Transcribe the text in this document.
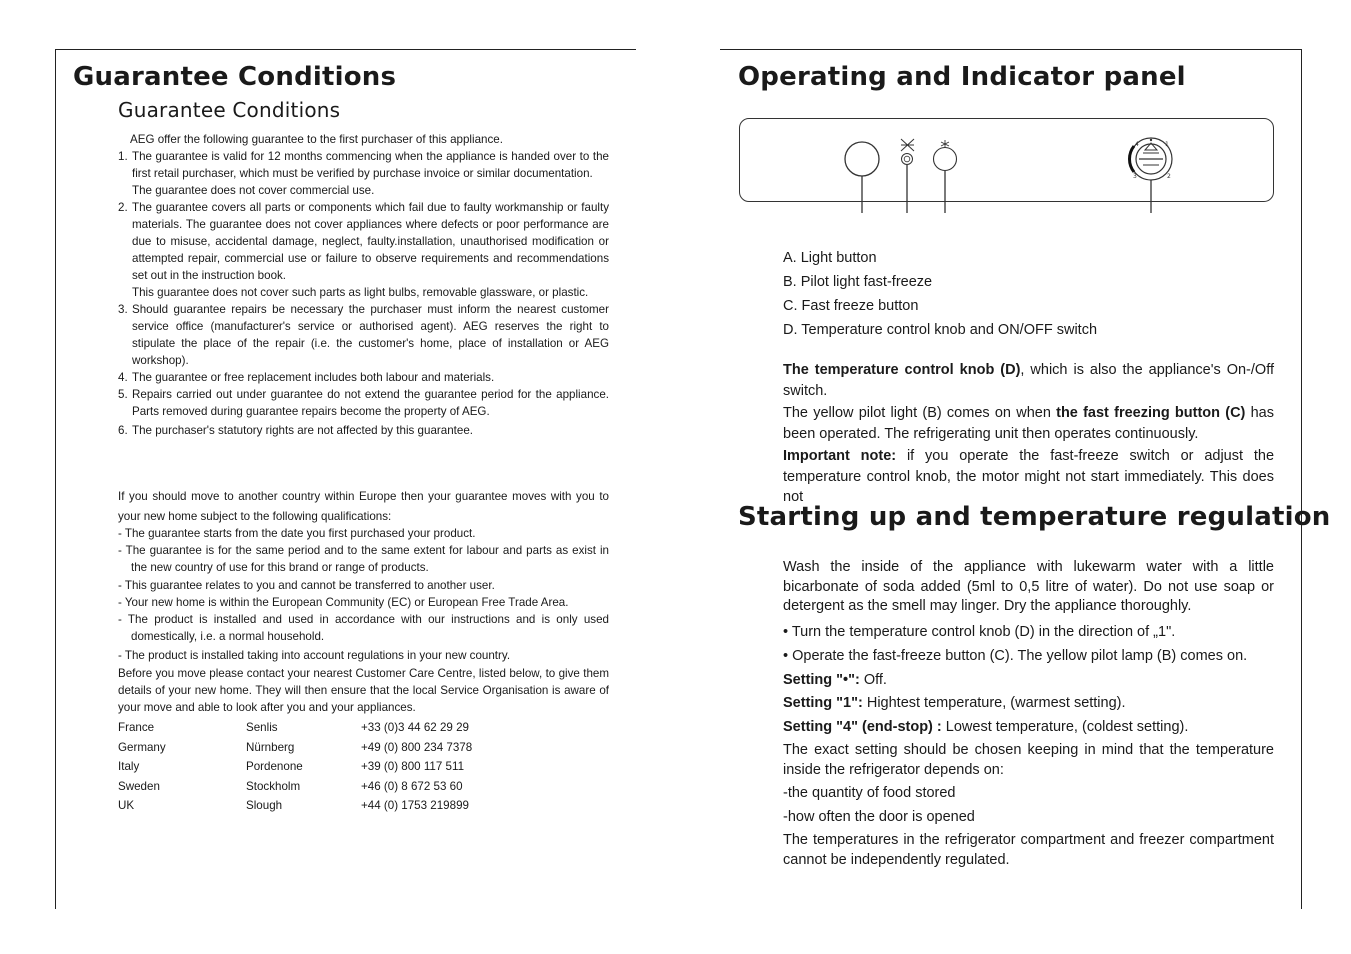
Guarantee Conditions
Guarantee Conditions
AEG offer the following guarantee to the first purchaser of this appliance.
1. The guarantee is valid for 12 months commencing when the appliance is handed over to the first retail purchaser, which must be verified by purchase invoice or similar documentation.
The guarantee does not cover commercial use.
2. The guarantee covers all parts or components which fail due to faulty workmanship or faulty materials. The guarantee does not cover appliances where defects or poor performance are due to misuse, accidental damage, neglect, faulty.installation, unauthorised modification or attempted repair, commercial use or failure to observe requirements and recommendations set out in the instruction book.
This guarantee does not cover such parts as light bulbs, removable glassware, or plastic.
3. Should guarantee repairs be necessary the purchaser must inform the nearest customer service office (manufacturer's service or authorised agent). AEG reserves the right to stipulate the place of the repair (i.e. the customer's home, place of installation or AEG workshop).
4. The guarantee or free replacement includes both labour and materials.
5. Repairs carried out under guarantee do not extend the guarantee period for the appliance. Parts removed during guarantee repairs become the property of AEG.
6. The purchaser's statutory rights are not affected by this guarantee.
If you should move to another country within Europe then your guarantee moves with you to your new home subject to the following qualifications:
- The guarantee starts from the date you first purchased your product.
- The guarantee is for the same period and to the same extent for labour and parts as exist in the new country of use for this brand or range of products.
- This guarantee relates to you and cannot be transferred to another user.
- Your new home is within the European Community (EC) or European Free Trade Area.
- The product is installed and used in accordance with our instructions and is only used domestically, i.e. a normal household.
- The product is installed taking into account regulations in your new country.
Before you move please contact your nearest Customer Care Centre, listed below, to give them details of your new home. They will then ensure that the local Service Organisation is aware of your move and able to look after you and your appliances.
France	Senlis	+33 (0)3 44 62 29 29
Germany	Nürnberg	+49 (0) 800 234 7378
Italy	Pordenone	+39 (0) 800 117 511
Sweden	Stockholm	+46 (0) 8 672 53 60
UK	Slough	+44 (0) 1753 219899
Operating and Indicator panel
4	1
3	2
A. Light button
B. Pilot light fast-freeze
C. Fast freeze button
D. Temperature control knob and ON/OFF switch

The temperature control knob (D), which is also the appliance's On-/Off switch.

The yellow pilot light (B) comes on when the fast freezing button (C) has been operated. The refrigerating unit then operates continuously.

Important note: if you operate the fast-freeze switch or adjust the temperature control knob, the motor might not start immediately. This does not

Starting up and temperature regulation

Wash the inside of the appliance with lukewarm water with a little bicarbonate of soda added (5ml to 0,5 litre of water). Do not use soap or detergent as the smell may linger. Dry the appliance thoroughly.

• Turn the temperature control knob (D) in the direction of „1".

• Operate the fast-freeze button (C). The yellow pilot lamp (B) comes on.

Setting "•": Off.

Setting "1": Hightest temperature, (warmest setting).

Setting "4" (end-stop) : Lowest temperature, (coldest setting).

The exact setting should be chosen keeping in mind that the temperature inside the refrigerator depends on:

-the quantity of food stored

-how often the door is opened

The temperatures in the refrigerator compartment and freezer compartment cannot be independently regulated.
